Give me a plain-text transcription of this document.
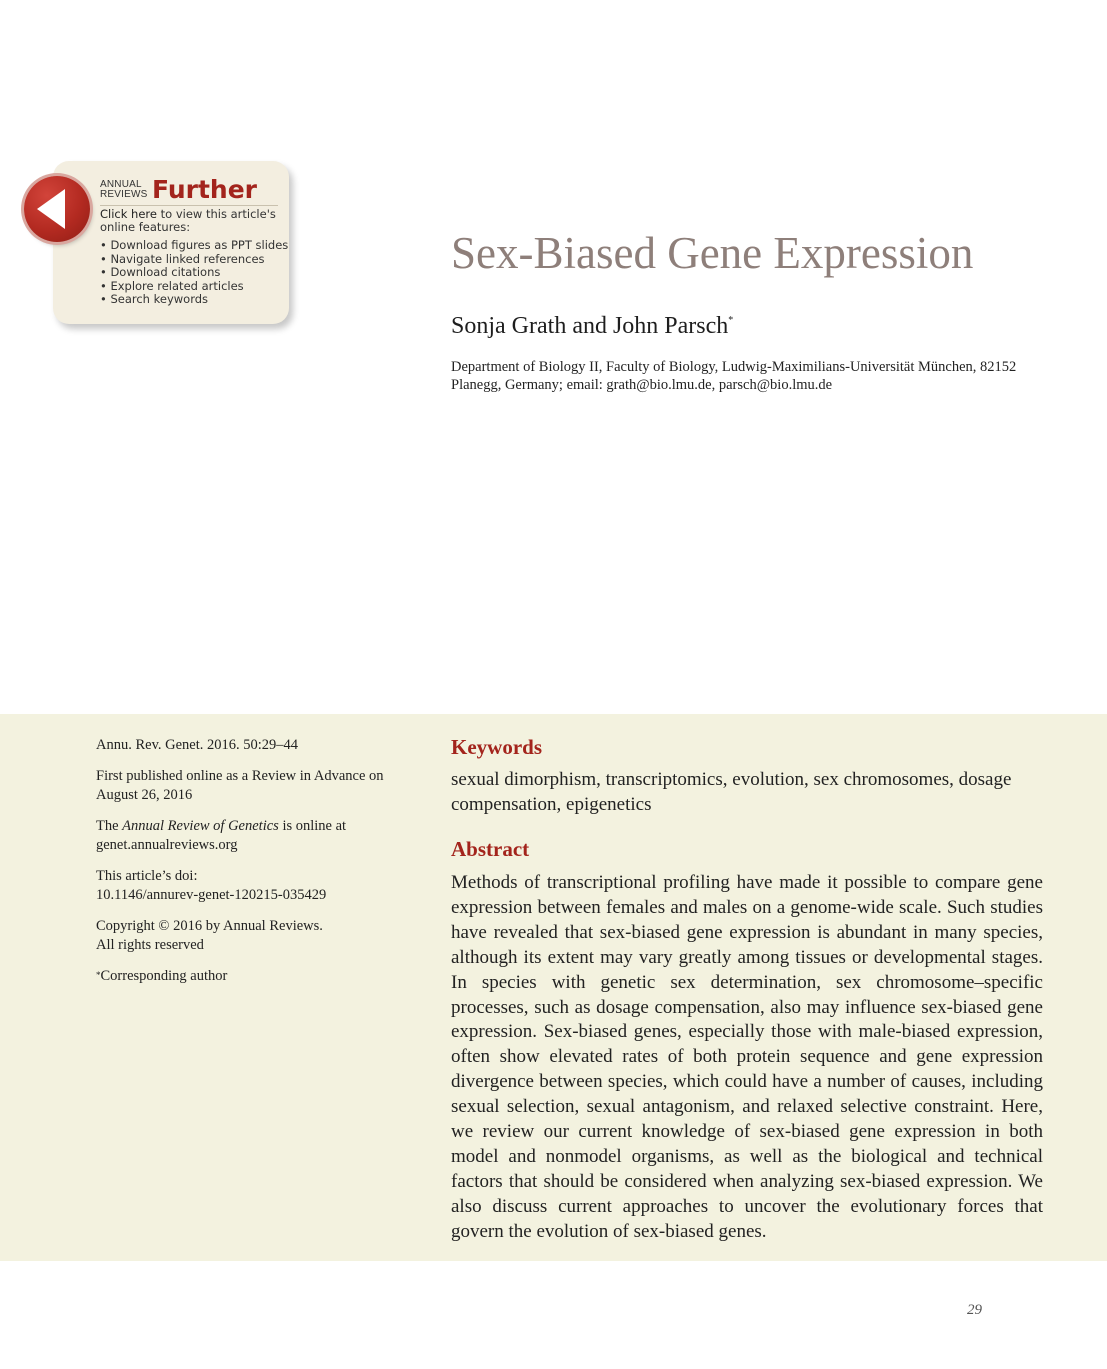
ANNUAL
REVIEWS Further
Click here to view this article's online features:
• Download figures as PPT slides
• Navigate linked references
• Download citations
• Explore related articles
• Search keywords
Sex-Biased Gene Expression
Sonja Grath and John Parsch*
Department of Biology II, Faculty of Biology, Ludwig-Maximilians-Universität München, 82152 Planegg, Germany; email: grath@bio.lmu.de, parsch@bio.lmu.de

Annu. Rev. Genet. 2016. 50:29–44

First published online as a Review in Advance on August 26, 2016

The Annual Review of Genetics is online at genet.annualreviews.org

This article’s doi:
10.1146/annurev-genet-120215-035429

Copyright © 2016 by Annual Reviews.
All rights reserved

*Corresponding author

Keywords

sexual dimorphism, transcriptomics, evolution, sex chromosomes, dosage compensation, epigenetics

Abstract

Methods of transcriptional profiling have made it possible to compare gene expression between females and males on a genome-wide scale. Such studies have revealed that sex-biased gene expression is abundant in many species, although its extent may vary greatly among tissues or developmental stages. In species with genetic sex determination, sex chromosome–specific processes, such as dosage compensation, also may influence sex-biased gene expression. Sex-biased genes, especially those with male-biased expression, often show elevated rates of both protein sequence and gene expression divergence between species, which could have a number of causes, including sexual selection, sexual antagonism, and relaxed selective constraint. Here, we review our current knowledge of sex-biased gene expression in both model and nonmodel organisms, as well as the biological and technical factors that should be considered when analyzing sex-biased expression. We also discuss current approaches to uncover the evolutionary forces that govern the evolution of sex-biased genes.

29
